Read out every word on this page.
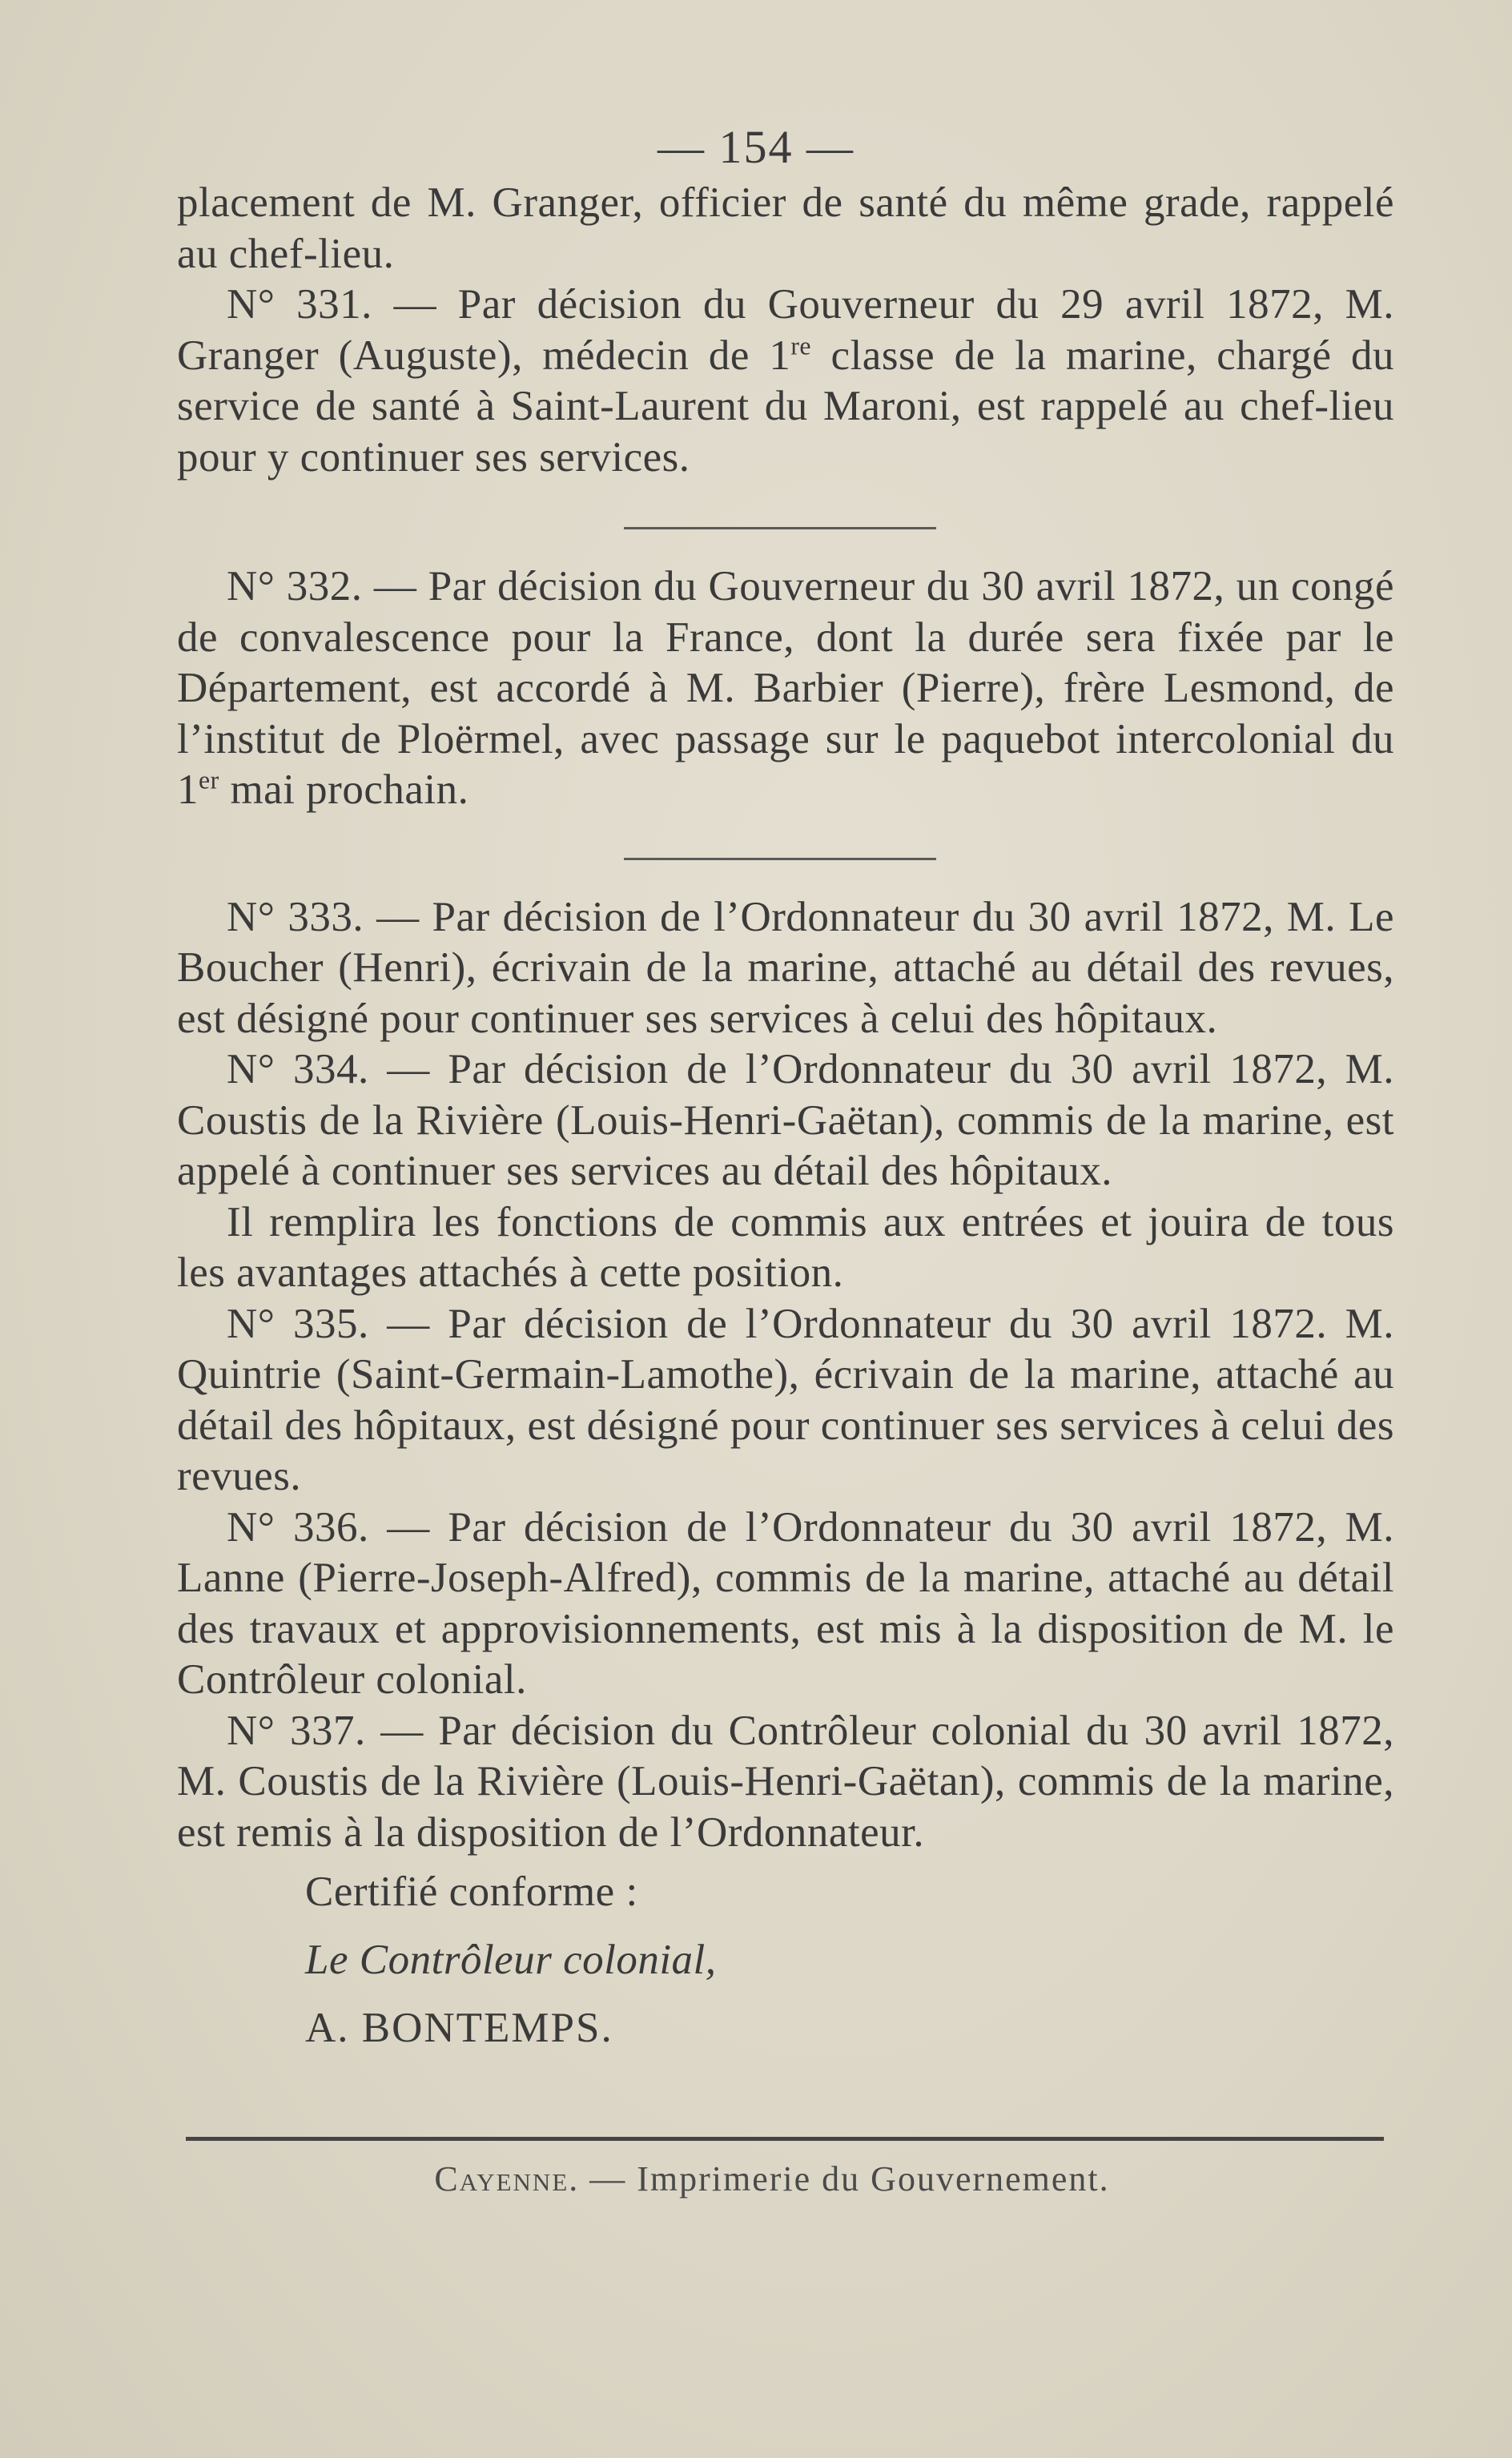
— 154 —

placement de M. Granger, officier de santé du même grade, rappelé au chef-lieu.

N° 331. — Par décision du Gouverneur du 29 avril 1872, M. Granger (Auguste), médecin de 1re classe de la marine, chargé du service de santé à Saint-Laurent du Maroni, est rappelé au chef-lieu pour y continuer ses services.

N° 332. — Par décision du Gouverneur du 30 avril 1872, un congé de convalescence pour la France, dont la durée sera fixée par le Département, est accordé à M. Barbier (Pierre), frère Lesmond, de l’institut de Ploërmel, avec passage sur le paquebot intercolonial du 1er mai prochain.

N° 333. — Par décision de l’Ordonnateur du 30 avril 1872, M. Le Boucher (Henri), écrivain de la marine, attaché au détail des revues, est désigné pour continuer ses services à celui des hôpitaux.

N° 334. — Par décision de l’Ordonnateur du 30 avril 1872, M. Coustis de la Rivière (Louis-Henri-Gaëtan), commis de la marine, est appelé à continuer ses services au détail des hôpitaux.

Il remplira les fonctions de commis aux entrées et jouira de tous les avantages attachés à cette position.

N° 335. — Par décision de l’Ordonnateur du 30 avril 1872. M. Quintrie (Saint-Germain-Lamothe), écrivain de la marine, attaché au détail des hôpitaux, est désigné pour continuer ses services à celui des revues.

N° 336. — Par décision de l’Ordonnateur du 30 avril 1872, M. Lanne (Pierre-Joseph-Alfred), commis de la marine, attaché au détail des travaux et approvisionnements, est mis à la disposition de M. le Contrôleur colonial.

N° 337. — Par décision du Contrôleur colonial du 30 avril 1872, M. Coustis de la Rivière (Louis-Henri-Gaëtan), commis de la marine, est remis à la disposition de l’Ordonnateur.

Certifié conforme :

Le Contrôleur colonial,

A. BONTEMPS.

Cayenne. — Imprimerie du Gouvernement.
